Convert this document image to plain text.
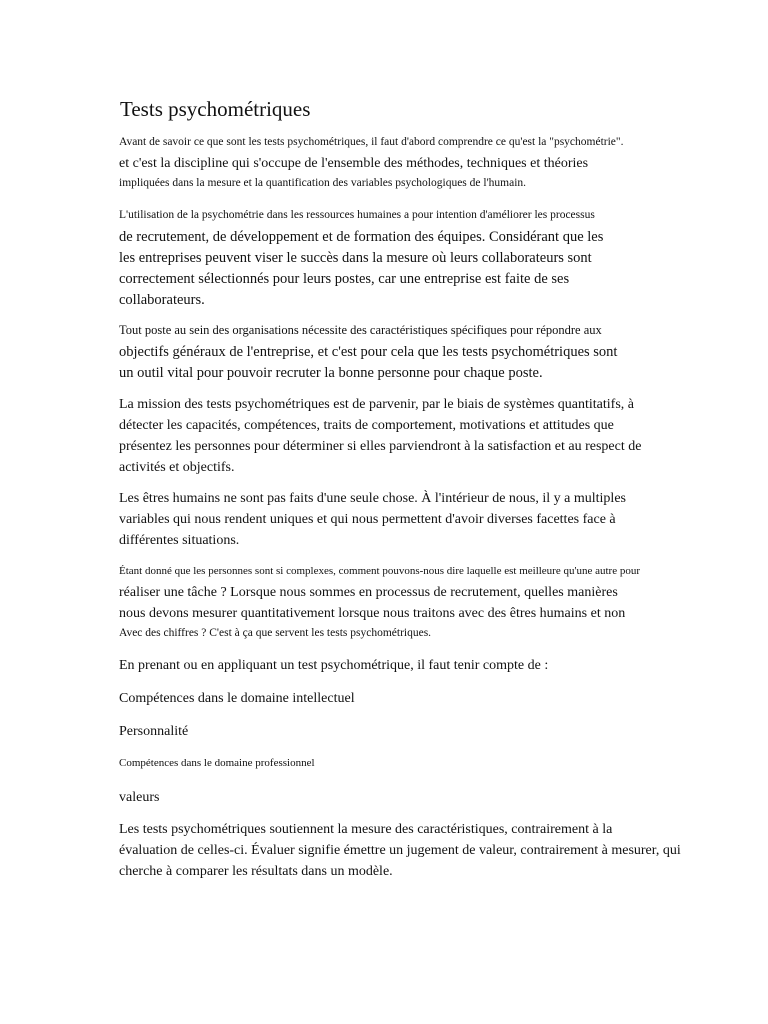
Tests psychométriques

Avant de savoir ce que sont les tests psychométriques, il faut d'abord comprendre ce qu'est la "psychométrie".

et c'est la discipline qui s'occupe de l'ensemble des méthodes, techniques et théories

impliquées dans la mesure et la quantification des variables psychologiques de l'humain.

L'utilisation de la psychométrie dans les ressources humaines a pour intention d'améliorer les processus

de recrutement, de développement et de formation des équipes. Considérant que les

les entreprises peuvent viser le succès dans la mesure où leurs collaborateurs sont

correctement sélectionnés pour leurs postes, car une entreprise est faite de ses

collaborateurs.

Tout poste au sein des organisations nécessite des caractéristiques spécifiques pour répondre aux

objectifs généraux de l'entreprise, et c'est pour cela que les tests psychométriques sont

un outil vital pour pouvoir recruter la bonne personne pour chaque poste.

La mission des tests psychométriques est de parvenir, par le biais de systèmes quantitatifs, à

détecter les capacités, compétences, traits de comportement, motivations et attitudes que

présentez les personnes pour déterminer si elles parviendront à la satisfaction et au respect de

activités et objectifs.

Les êtres humains ne sont pas faits d'une seule chose. À l'intérieur de nous, il y a multiples

variables qui nous rendent uniques et qui nous permettent d'avoir diverses facettes face à

différentes situations.

Étant donné que les personnes sont si complexes, comment pouvons-nous dire laquelle est meilleure qu'une autre pour

réaliser une tâche ? Lorsque nous sommes en processus de recrutement, quelles manières

nous devons mesurer quantitativement lorsque nous traitons avec des êtres humains et non

Avec des chiffres ? C'est à ça que servent les tests psychométriques.

En prenant ou en appliquant un test psychométrique, il faut tenir compte de :

Compétences dans le domaine intellectuel

Personnalité

Compétences dans le domaine professionnel

valeurs

Les tests psychométriques soutiennent la mesure des caractéristiques, contrairement à la

évaluation de celles-ci. Évaluer signifie émettre un jugement de valeur, contrairement à mesurer, qui

cherche à comparer les résultats dans un modèle.
